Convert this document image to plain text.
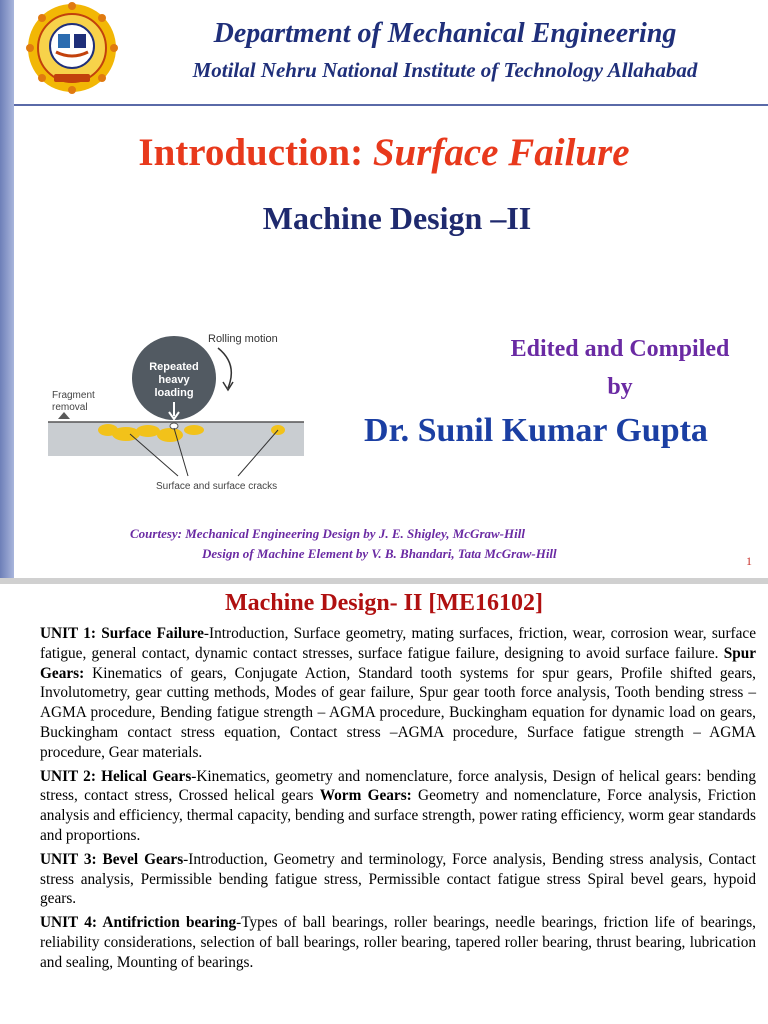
Department of Mechanical Engineering
Motilal Nehru National Institute of Technology Allahabad
Introduction: Surface Failure
Machine Design –II
Repeated
heavy
loading
Rolling motion
Fragment
removal
Surface and surface cracks
Edited and Compiled
by
Dr. Sunil Kumar Gupta
Courtesy: Mechanical Engineering Design by J. E. Shigley, McGraw-Hill
Design of Machine Element by V. B. Bhandari, Tata McGraw-Hill	1
Machine Design- II [ME16102]

UNIT 1: Surface Failure-Introduction, Surface geometry, mating surfaces, friction, wear, corrosion wear, surface fatigue, general contact, dynamic contact stresses, surface fatigue failure, designing to avoid surface failure. Spur Gears: Kinematics of gears, Conjugate Action, Standard tooth systems for spur gears, Profile shifted gears, Involutometry, gear cutting methods, Modes of gear failure, Spur gear tooth force analysis, Tooth bending stress – AGMA procedure, Bending fatigue strength – AGMA procedure, Buckingham equation for dynamic load on gears, Buckingham contact stress equation, Contact stress –AGMA procedure, Surface fatigue strength – AGMA procedure, Gear materials.

UNIT 2: Helical Gears-Kinematics, geometry and nomenclature, force analysis, Design of helical gears: bending stress, contact stress, Crossed helical gears Worm Gears: Geometry and nomenclature, Force analysis, Friction analysis and efficiency, thermal capacity, bending and surface strength, power rating efficiency, worm gear standards and proportions.

UNIT 3: Bevel Gears-Introduction, Geometry and terminology, Force analysis, Bending stress analysis, Contact stress analysis, Permissible bending fatigue stress, Permissible contact fatigue stress Spiral bevel gears, hypoid gears.

UNIT 4: Antifriction bearing-Types of ball bearings, roller bearings, needle bearings, friction life of bearings, reliability considerations, selection of ball bearings, roller bearing, tapered roller bearing, thrust bearing, lubrication and sealing, Mounting of bearings.
